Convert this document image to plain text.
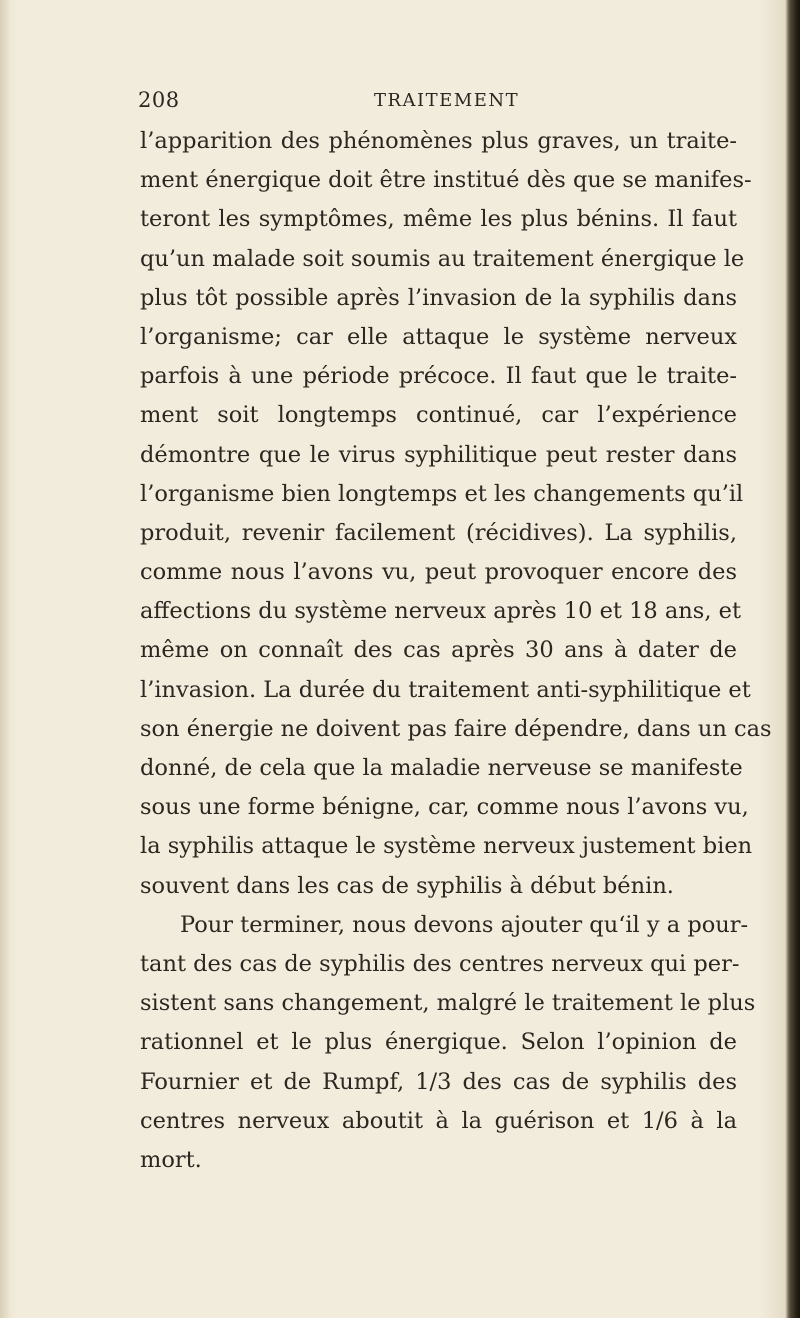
208	TRAITEMENT
l’apparition des phénomènes plus graves, un traite-
ment énergique doit être institué dès que se manifes-
teront les symptômes, même les plus bénins. Il faut
qu’un malade soit soumis au traitement énergique le
plus tôt possible après l’invasion de la syphilis dans
l’organisme; car elle attaque le système nerveux
parfois à une période précoce. Il faut que le traite-
ment soit longtemps continué, car l’expérience
démontre que le virus syphilitique peut rester dans
l’organisme bien longtemps et les changements qu’il
produit, revenir facilement (récidives). La syphilis,
comme nous l’avons vu, peut provoquer encore des
affections du système nerveux après 10 et 18 ans, et
même on connaît des cas après 30 ans à dater de
l’invasion. La durée du traitement anti-syphilitique et
son énergie ne doivent pas faire dépendre, dans un cas
donné, de cela que la maladie nerveuse se manifeste
sous une forme bénigne, car, comme nous l’avons vu,
la syphilis attaque le système nerveux justement bien
souvent dans les cas de syphilis à début bénin.
Pour terminer, nous devons ajouter qu‘il y a pour-
tant des cas de syphilis des centres nerveux qui per-
sistent sans changement, malgré le traitement le plus
rationnel et le plus énergique. Selon l’opinion de
Fournier et de Rumpf, 1/3 des cas de syphilis des
centres nerveux aboutit à la guérison et 1/6 à la
mort.
